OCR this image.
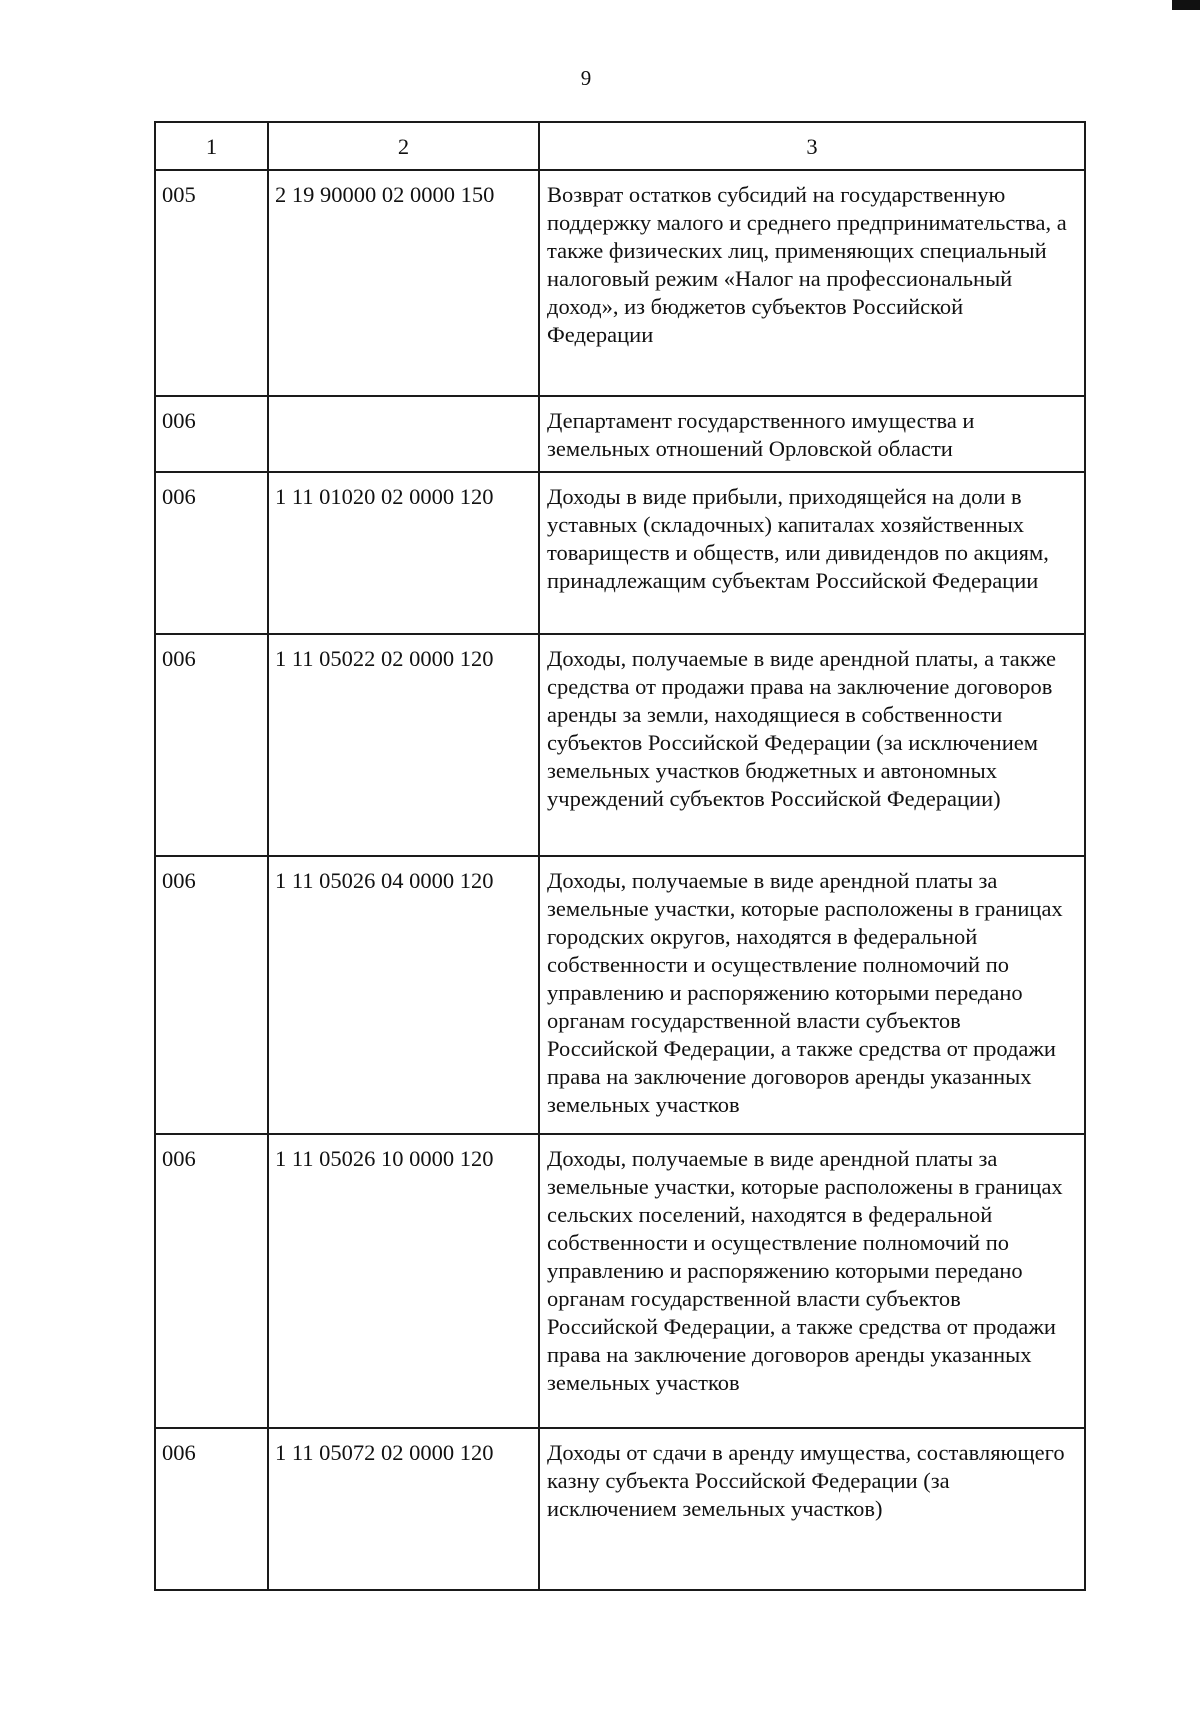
9
1	2	3
005	2 19 90000 02 0000 150	Возврат остатков субсидий на государственную поддержку малого и среднего предпринимательства, а также физических лиц, применяющих специальный налоговый режим «Налог на профессиональный доход», из бюджетов субъектов Российской Федерации
006		Департамент государственного имущества и земельных отношений Орловской области
006	1 11 01020 02 0000 120	Доходы в виде прибыли, приходящейся на доли в уставных (складочных) капиталах хозяйственных товариществ и обществ, или дивидендов по акциям, принадлежащим субъектам Российской Федерации
006	1 11 05022 02 0000 120	Доходы, получаемые в виде арендной платы, а также средства от продажи права на заключение договоров аренды за земли, находящиеся в собственности субъектов Российской Федерации (за исключением земельных участков бюджетных и автономных учреждений субъектов Российской Федерации)
006	1 11 05026 04 0000 120	Доходы, получаемые в виде арендной платы за земельные участки, которые расположены в границах городских округов, находятся в федеральной собственности и осуществление полномочий по управлению и распоряжению которыми передано органам государственной власти субъектов Российской Федерации, а также средства от продажи права на заключение договоров аренды указанных земельных участков
006	1 11 05026 10 0000 120	Доходы, получаемые в виде арендной платы за земельные участки, которые расположены в границах сельских поселений, находятся в федеральной собственности и осуществление полномочий по управлению и распоряжению которыми передано органам государственной власти субъектов Российской Федерации, а также средства от продажи права на заключение договоров аренды указанных земельных участков
006	1 11 05072 02 0000 120	Доходы от сдачи в аренду имущества, составляющего казну субъекта Российской Федерации (за исключением земельных участков)
